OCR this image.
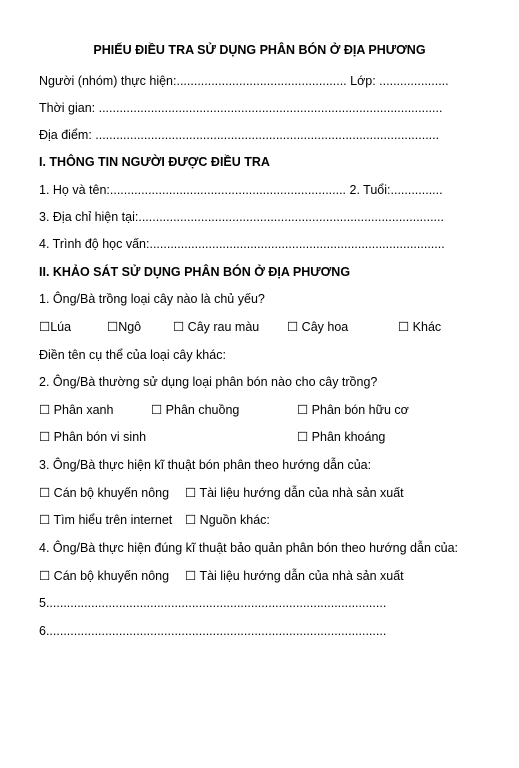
PHIẾU ĐIỀU TRA SỬ DỤNG PHÂN BÓN Ở ĐỊA PHƯƠNG
Người (nhóm) thực hiện:................................................. Lớp: ....................
Thời gian: ...................................................................................................
Địa điểm: ...................................................................................................
I. THÔNG TIN NGƯỜI ĐƯỢC ĐIỀU TRA
1. Họ và tên:.................................................................... 2. Tuổi:...............
3. Địa chỉ hiện tại:........................................................................................
4. Trình độ học vấn:.....................................................................................
II. KHẢO SÁT SỬ DỤNG PHÂN BÓN Ở ĐỊA PHƯƠNG
1. Ông/Bà trồng loại cây nào là chủ yếu?
☐Lúa	☐Ngô	☐ Cây rau màu ☐ Cây hoa	☐ Khác
Điền tên cụ thể của loại cây khác:
2. Ông/Bà thường sử dụng loại phân bón nào cho cây trồng?
☐ Phân xanh	☐ Phân chuồng	☐ Phân bón hữu cơ
☐ Phân bón vi sinh	☐ Phân khoáng
3. Ông/Bà thực hiện kĩ thuật bón phân theo hướng dẫn của:
☐ Cán bộ khuyến nông ☐ Tài liệu hướng dẫn của nhà sản xuất
☐ Tìm hiểu trên internet ☐ Nguồn khác:
4. Ông/Bà thực hiện đúng kĩ thuật bảo quản phân bón theo hướng dẫn của:
☐ Cán bộ khuyến nông ☐ Tài liệu hướng dẫn của nhà sản xuất
5..................................................................................................
6..................................................................................................
